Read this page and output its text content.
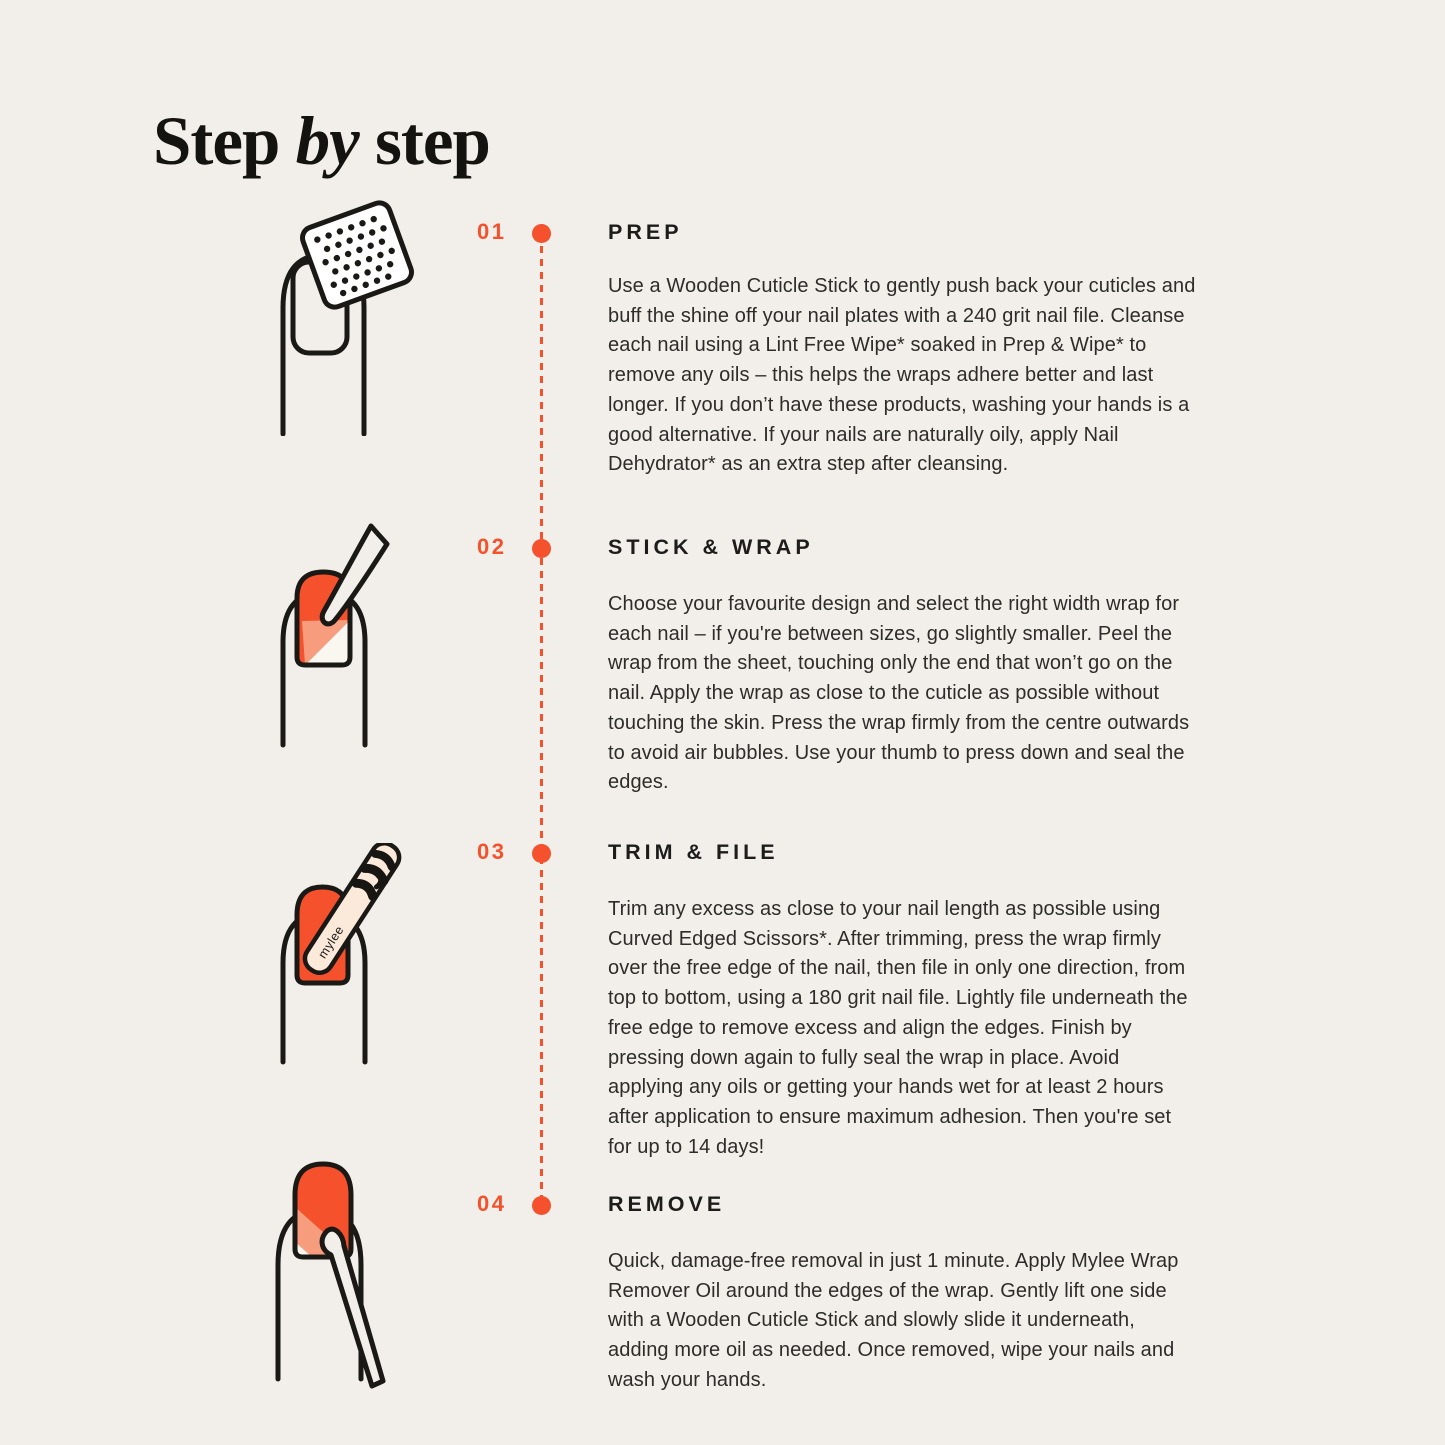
Step by step
01
02
03
04
PREP
STICK & WRAP
TRIM & FILE
REMOVE

Use a Wooden Cuticle Stick to gently push back your cuticles and buff the shine off your nail plates with a 240 grit nail file. Cleanse each nail using a Lint Free Wipe* soaked in Prep & Wipe* to remove any oils – this helps the wraps adhere better and last longer. If you don’t have these products, washing your hands is a good alternative. If your nails are naturally oily, apply Nail Dehydrator* as an extra step after cleansing.

Choose your favourite design and select the right width wrap for each nail – if you're between sizes, go slightly smaller. Peel the wrap from the sheet, touching only the end that won’t go on the nail. Apply the wrap as close to the cuticle as possible without touching the skin. Press the wrap firmly from the centre outwards to avoid air bubbles. Use your thumb to press down and seal the edges.

Trim any excess as close to your nail length as possible using Curved Edged Scissors*. After trimming, press the wrap firmly over the free edge of the nail, then file in only one direction, from top to bottom, using a 180 grit nail file. Lightly file underneath the free edge to remove excess and align the edges. Finish by pressing down again to fully seal the wrap in place. Avoid applying any oils or getting your hands wet for at least 2 hours after application to ensure maximum adhesion. Then you're set for up to 14 days!

Quick, damage-free removal in just 1 minute. Apply Mylee Wrap Remover Oil around the edges of the wrap. Gently lift one side with a Wooden Cuticle Stick and slowly slide it underneath, adding more oil as needed. Once removed, wipe your nails and wash your hands.

mylee
